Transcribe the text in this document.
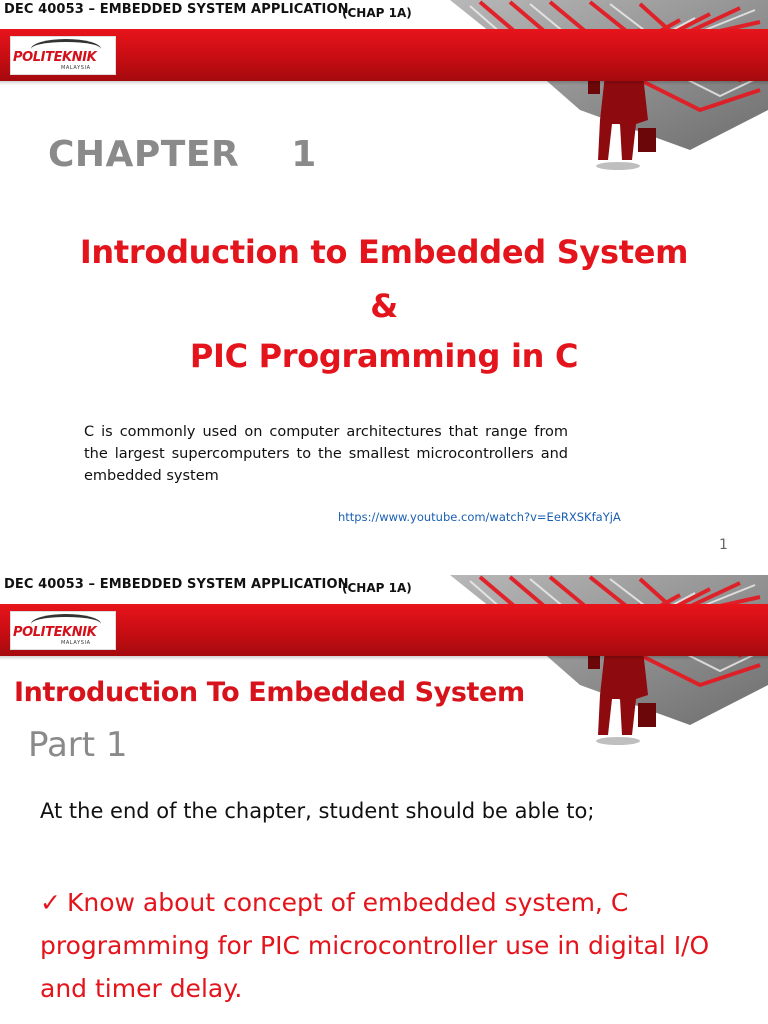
DEC 40053 – EMBEDDED SYSTEM APPLICATION
(CHAP 1A)
POLITEKNIK
MALAYSIA
CHAPTER    1
Introduction to Embedded System
&
PIC Programming in C
C is commonly used on computer architectures that range from the largest supercomputers to the smallest microcontrollers and embedded system
https://www.youtube.com/watch?v=EeRXSKfaYjA
1
DEC 40053 – EMBEDDED SYSTEM APPLICATION
(CHAP 1A)
POLITEKNIK
MALAYSIA
Introduction To Embedded System
Part 1
At the end of the chapter, student should be able to;
✓ Know about concept of embedded system, C programming for PIC microcontroller use in digital I/O and timer delay.
